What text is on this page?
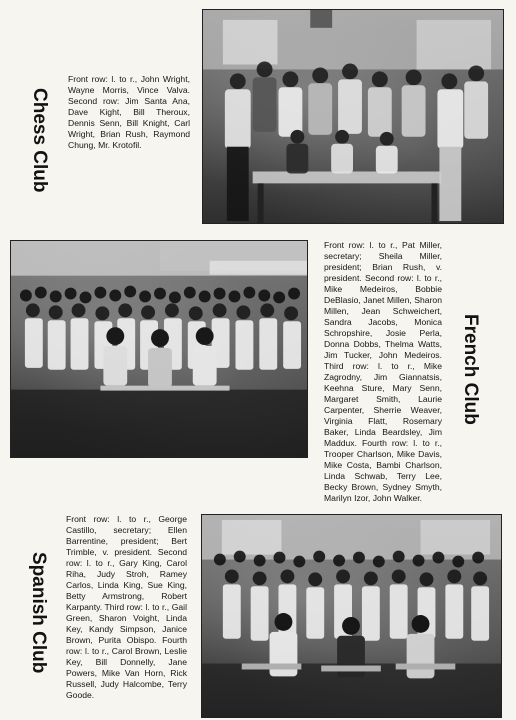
Front row: l. to r., John Wright, Wayne Morris, Vince Valva. Second row: Jim Santa Ana, Dave Kight, Bill Theroux, Dennis Senn, Bill Knight, Carl Wright, Brian Rush, Raymond Chung, Mr. Krotofil.

Chess Club

Front row: l. to r., Pat Miller, secretary; Sheila Miller, president; Brian Rush, v. president. Second row: l. to r., Mike Medeiros, Bobbie DeBlasio, Janet Millen, Sharon Millen, Jean Schweichert, Sandra Jacobs, Monica Schropshire, Josie Perla, Donna Dobbs, Thelma Watts, Jim Tucker, John Medeiros. Third row: l. to r., Mike Zagrodny, Jim Giannatsis, Keehna Sture, Mary Senn, Margaret Smith, Laurie Carpenter, Sherrie Weaver, Virginia Flatt, Rosemary Baker, Linda Beardsley, Jim Maddux. Fourth row: l. to r., Trooper Charlson, Mike Davis, Mike Costa, Bambi Charlson, Linda Schwab, Terry Lee, Becky Brown, Sydney Smyth, Marilyn Izor, John Walker.

French Club

Front row: l. to r., George Castillo, secretary; Ellen Barrentine, president; Bert Trimble, v. president. Second row: l. to r., Gary King, Carol Riha, Judy Stroh, Ramey Carlos, Linda King, Sue King, Betty Armstrong, Robert Karpanty. Third row: l. to r., Gail Green, Sharon Voight, Linda Key, Kandy Simpson, Janice Brown, Purita Obispo. Fourth row: l. to r., Carol Brown, Leslie Key, Bill Donnelly, Jane Powers, Mike Van Horn, Rick Russell, Judy Halcombe, Terry Goode.

Spanish Club
